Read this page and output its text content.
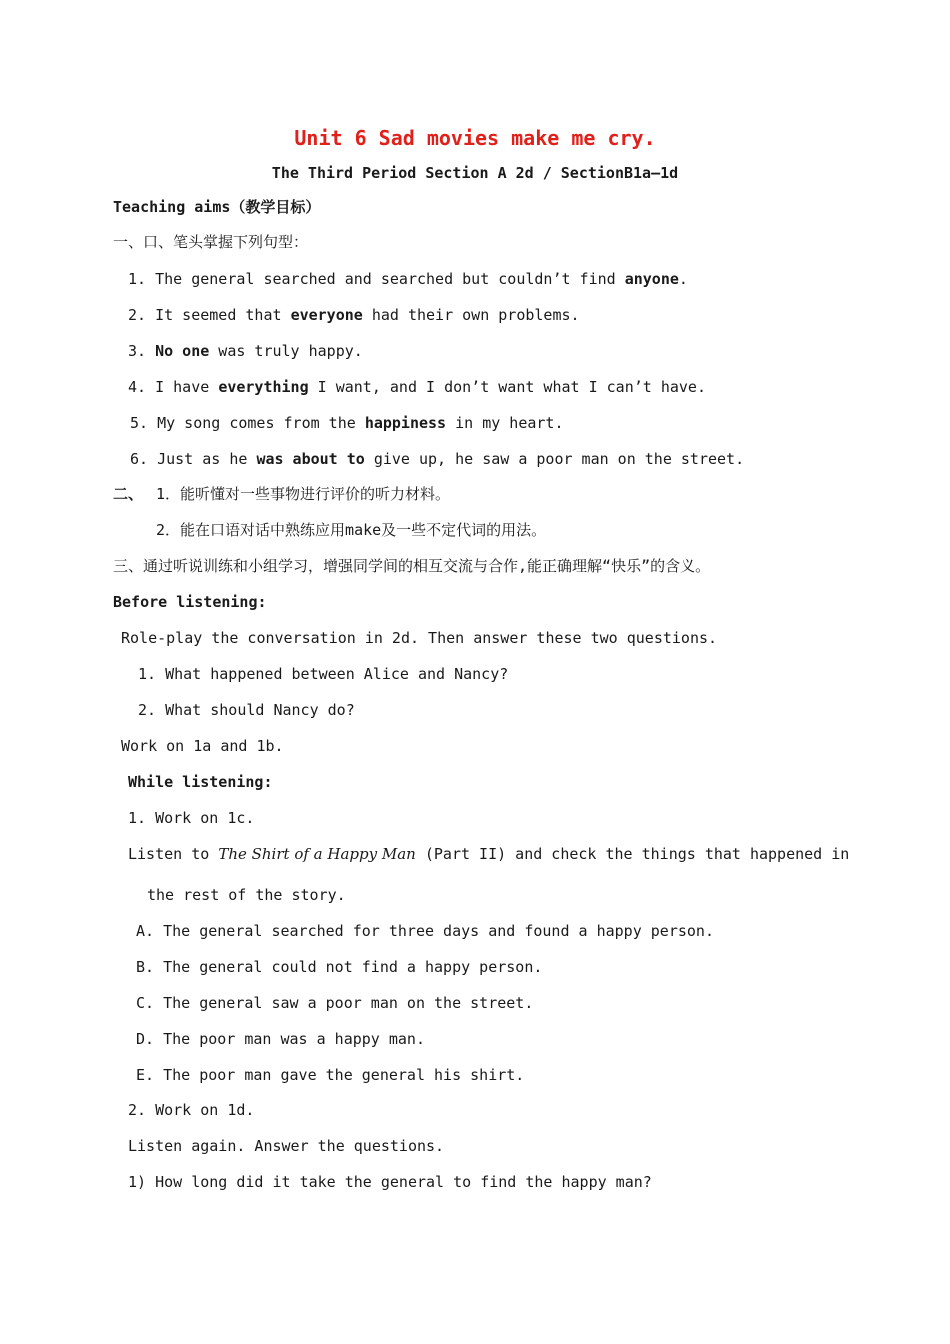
Unit 6 Sad movies make me cry.
The Third Period Section A 2d / SectionB1a–1d
Teaching aims（教学目标）
一、口、笔头掌握下列句型：
1. The general searched and searched but couldn’t find anyone.
2. It seemed that everyone had their own problems.
3. No one was truly happy.
4. I have everything I want, and I don’t want what I can’t have.
5. My song comes from the happiness in my heart.
6. Just as he was about to give up, he saw a poor man on the street.
二、 1．能听懂对一些事物进行评价的听力材料。
2．能在口语对话中熟练应用make及一些不定代词的用法。
三、通过听说训练和小组学习，增强同学间的相互交流与合作,能正确理解“快乐”的含义。
Before listening:
Role-play the conversation in 2d. Then answer these two questions.
1. What happened between Alice and Nancy?
2. What should Nancy do?
Work on 1a and 1b.
While listening:
1. Work on 1c.
Listen to The Shirt of a Happy Man (Part II) and check the things that happened in
the rest of the story.
A. The general searched for three days and found a happy person.
B. The general could not find a happy person.
C. The general saw a poor man on the street.
D. The poor man was a happy man.
E. The poor man gave the general his shirt.
2. Work on 1d.
Listen again. Answer the questions.
1) How long did it take the general to find the happy man?
